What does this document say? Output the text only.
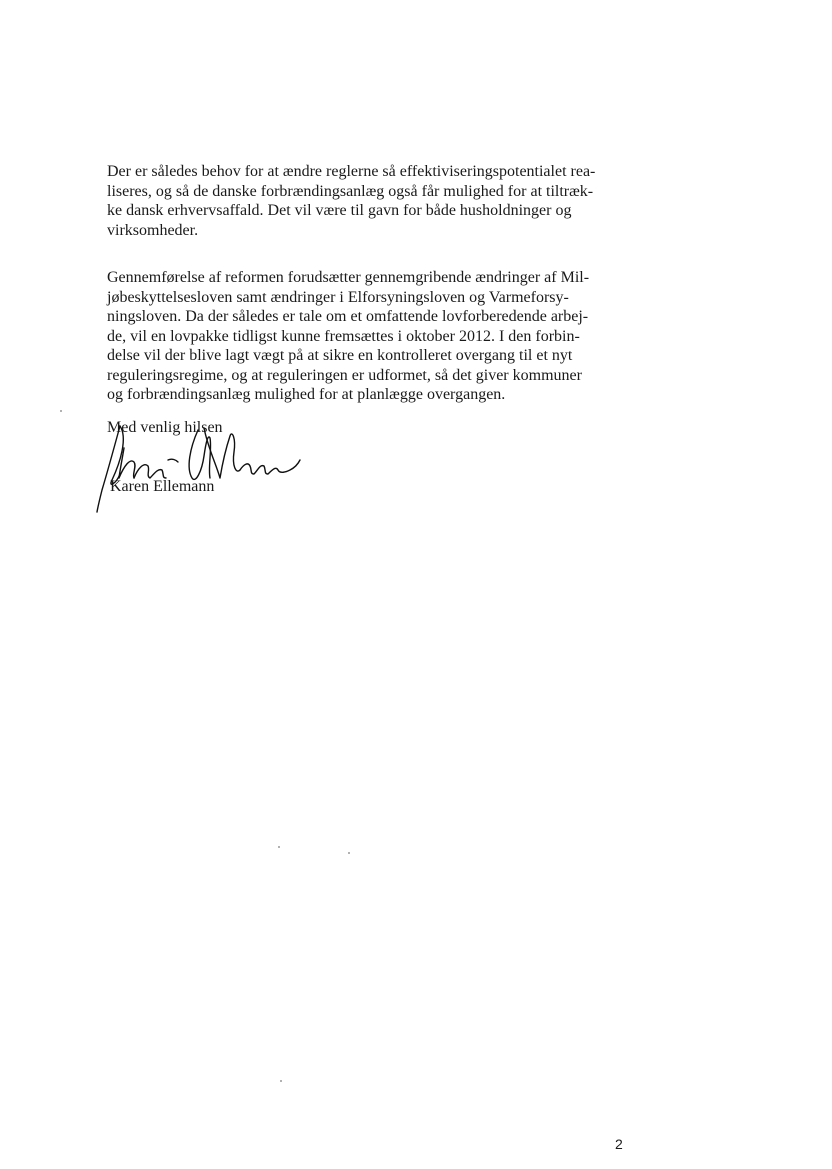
Der er således behov for at ændre reglerne så effektiviseringspotentialet rea-
liseres, og så de danske forbrændingsanlæg også får mulighed for at tiltræk-
ke dansk erhvervsaffald. Det vil være til gavn for både husholdninger og
virksomheder.

Gennemførelse af reformen forudsætter gennemgribende ændringer af Mil-
jøbeskyttelsesloven samt ændringer i Elforsyningsloven og Varmeforsy-
ningsloven. Da der således er tale om et omfattende lovforberedende arbej-
de, vil en lovpakke tidligst kunne fremsættes i oktober 2012. I den forbin-
delse vil der blive lagt vægt på at sikre en kontrolleret overgang til et nyt
reguleringsregime, og at reguleringen er udformet, så det giver kommuner
og forbrændingsanlæg mulighed for at planlægge overgangen.

Med venlig hilsen

Karen Ellemann

2
